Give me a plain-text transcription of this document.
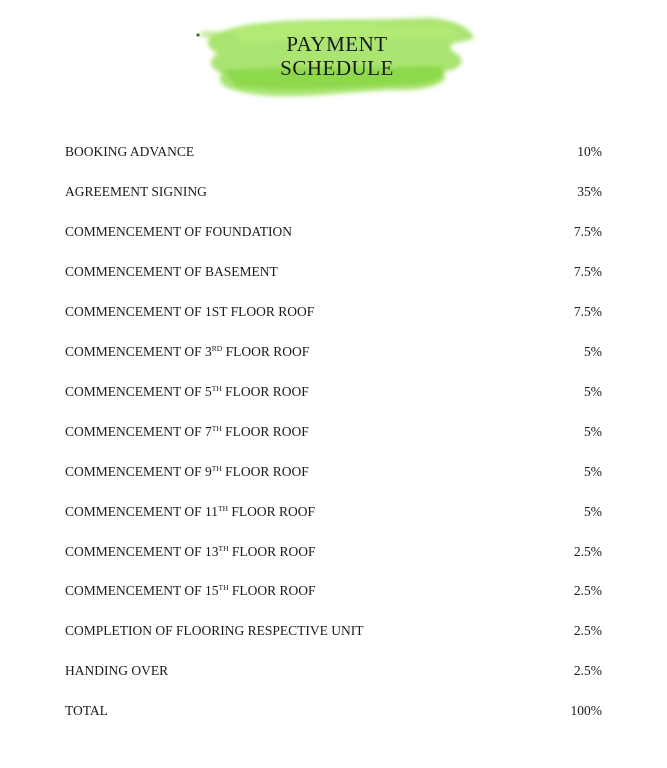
PAYMENT
SCHEDULE
BOOKING ADVANCE	10%
AGREEMENT SIGNING	35%
COMMENCEMENT OF FOUNDATION	7.5%
COMMENCEMENT OF BASEMENT	7.5%
COMMENCEMENT OF 1ST FLOOR ROOF	7.5%
COMMENCEMENT OF 3RD FLOOR ROOF	5%
COMMENCEMENT OF 5TH FLOOR ROOF	5%
COMMENCEMENT OF 7TH FLOOR ROOF	5%
COMMENCEMENT OF 9TH FLOOR ROOF	5%
COMMENCEMENT OF 11TH FLOOR ROOF	5%
COMMENCEMENT OF 13TH FLOOR ROOF	2.5%
COMMENCEMENT OF 15TH FLOOR ROOF	2.5%
COMPLETION OF FLOORING RESPECTIVE UNIT	2.5%
HANDING OVER	2.5%
TOTAL	100%
